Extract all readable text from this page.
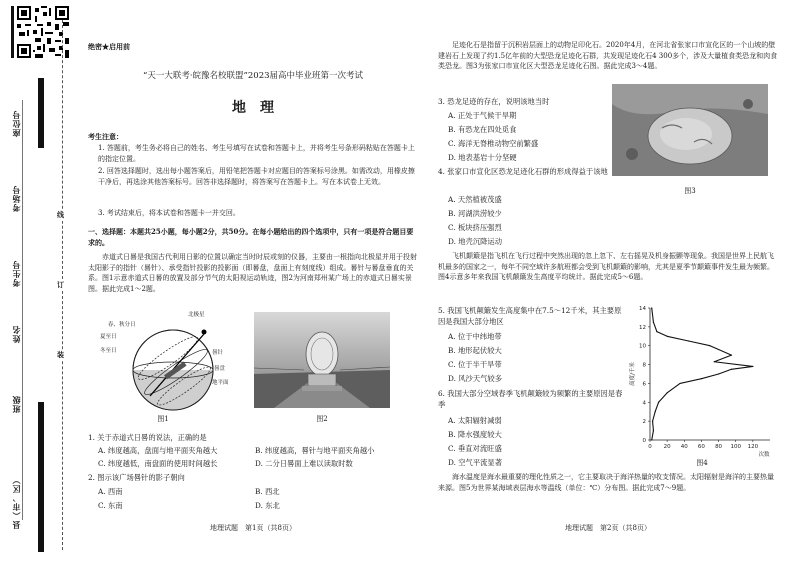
座位号
考场号
考生号
姓名
班级
县（市、区）
线
订
装
绝密★启用前
“天一大联考·皖豫名校联盟”2023届高中毕业班第一次考试
地　理
考生注意：
1. 答题前，考生务必将自己的姓名、考生号填写在试卷和答题卡上，并将考生号条形码粘贴在答题卡上的指定位置。
2. 回答选择题时，选出每小题答案后，用铅笔把答题卡对应题目的答案标号涂黑。如需改动，用橡皮擦干净后，再选涂其他答案标号。回答非选择题时，将答案写在答题卡上。写在本试卷上无效。
3. 考试结束后，将本试卷和答题卡一并交回。
一、选择题：本题共25小题，每小题2分，共50分。在每小题给出的四个选项中，只有一项是符合题目要求的。
赤道式日晷是我国古代利用日影的位置以确定当时时辰或刻的仪器，主要由一根指向北极星并用于投射太阳影子的指针（晷针）、承受指针投影的投影面（即晷盘，盘面上有刻度线）组成。晷针与晷盘垂直的关系。图1示意赤道式日晷的放置及部分节气的太阳视运动轨迹，图2为河南郑州某广场上的赤道式日晷实景图。据此完成1～2题。
北极星
春、秋分日
夏至日
冬至日	晷针
晷盘
地平面
图1	图2
1. 关于赤道式日晷的说法，正确的是
A. 纬度越高，盘面与地平面夹角越大	B. 纬度越高，晷针与地平面夹角越小
C. 纬度越低，南盘面的使用时间越长	D. 二分日晷面上难以读取时数
2. 图示该广场晷针的影子朝向
A. 西南	B. 西北
C. 东南	D. 东北
地理试题　第1页（共8页）
足迹化石是指留于沉积岩层面上的动物足印化石。2020年4月，在河北省张家口市宣化区的一个山坡的壁建岩石上发现了约1.5亿年前的大型恐龙足迹化石群，共发现足迹化石4 300多个，涉及大量植食类恐龙和肉食类恐龙。图3为张家口市宣化区大型恐龙足迹化石图。据此完成3～4题。
图3
3. 恐龙足迹的存在，说明该地当时
A. 正处于气候干旱期
B. 有恐龙在四处觅食
C. 海洋无脊椎动物空前繁盛
D. 地表基岩十分坚硬
4. 张家口市宣化区恐龙足迹化石群的形成得益于该地
A. 天然植被茂盛
B. 河湖洪涝较少
C. 板块挤压强烈
D. 地壳沉降运动
飞机颠簸是指飞机在飞行过程中突然出现的忽上忽下、左右摇晃及机身振颤等现象。我国是世界上民航飞机最多的国家之一，每年不同空域许多航班都会受到飞机颠簸的影响，尤其是夏季节颠簸事件发生最为频繁。图4示意多年来我国飞机颠簸发生高度平均统计。据此完成5～6题。
5. 我国飞机颠簸发生高度集中在7.5～12千米，其主要原因是我国大部分地区
A. 位于中纬地带
B. 地形起伏较大
C. 位于半干旱带
D. 风沙天气较多
6. 我国大部分空域春季飞机颠簸较为频繁的主要原因是春季
A. 太阳辐射减弱
B. 降水强度较大
C. 垂直对流旺盛
D. 空气平流显著
0 20 40 60 80 100 120
0
2
4
6
8
10
12
14
次数
高度/千米
图4
海水温度是海水最重要的理化性质之一，它主要取决于海洋热量的收支情况。太阳辐射是海洋的主要热量来源。图5为世界某海域表层海水等温线（单位：℃）分布图。据此完成7～9题。
地理试题　第2页（共8页）
